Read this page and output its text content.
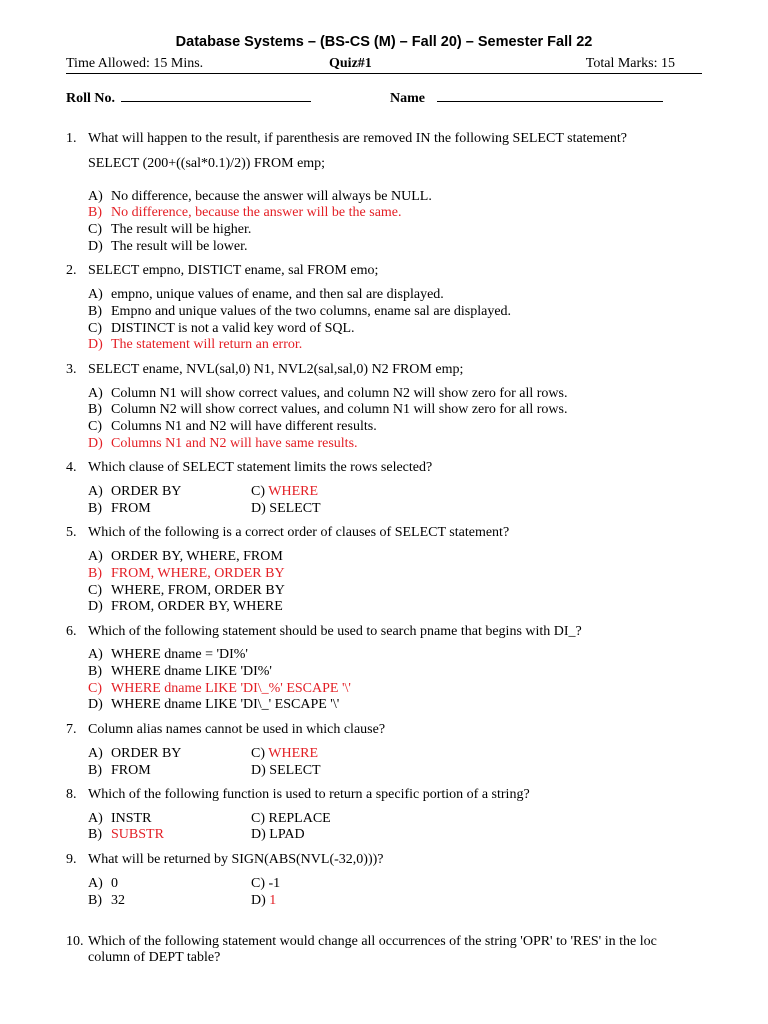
Database Systems – (BS-CS (M) – Fall 20) – Semester Fall 22
Time Allowed: 15 Mins.	Quiz#1	Total Marks: 15
Roll No.	Name
1. What will happen to the result, if parenthesis are removed IN the following SELECT statement?
SELECT (200+((sal*0.1)/2)) FROM emp;
A) No difference, because the answer will always be NULL.
B) No difference, because the answer will be the same.
C) The result will be higher.
D) The result will be lower.
2. SELECT empno, DISTICT ename, sal FROM emo;
A) empno, unique values of ename, and then sal are displayed.
B) Empno and unique values of the two columns, ename sal are displayed.
C) DISTINCT is not a valid key word of SQL.
D) The statement will return an error.
3. SELECT ename, NVL(sal,0) N1, NVL2(sal,sal,0) N2 FROM emp;
A) Column N1 will show correct values, and column N2 will show zero for all rows.
B) Column N2 will show correct values, and column N1 will show zero for all rows.
C) Columns N1 and N2 will have different results.
D) Columns N1 and N2 will have same results.
4. Which clause of SELECT statement limits the rows selected?
A) ORDER BY
B) FROM
C) WHERE
D) SELECT
5. Which of the following is a correct order of clauses of SELECT statement?
A) ORDER BY, WHERE, FROM
B) FROM, WHERE, ORDER BY
C) WHERE, FROM, ORDER BY
D) FROM, ORDER BY, WHERE
6. Which of the following statement should be used to search pname that begins with DI_?
A) WHERE dname = 'DI%'
B) WHERE dname LIKE 'DI%'
C) WHERE dname LIKE 'DI\_%' ESCAPE '\'
D) WHERE dname LIKE 'DI\_' ESCAPE '\'
7. Column alias names cannot be used in which clause?
A) ORDER BY
B) FROM
C) WHERE
D) SELECT
8. Which of the following function is used to return a specific portion of a string?
A) INSTR
B) SUBSTR
C) REPLACE
D) LPAD
9. What will be returned by SIGN(ABS(NVL(-32,0)))?
A) 0
B) 32
C) -1
D) 1
10. Which of the following statement would change all occurrences of the string 'OPR' to 'RES' in the loc column of DEPT table?
